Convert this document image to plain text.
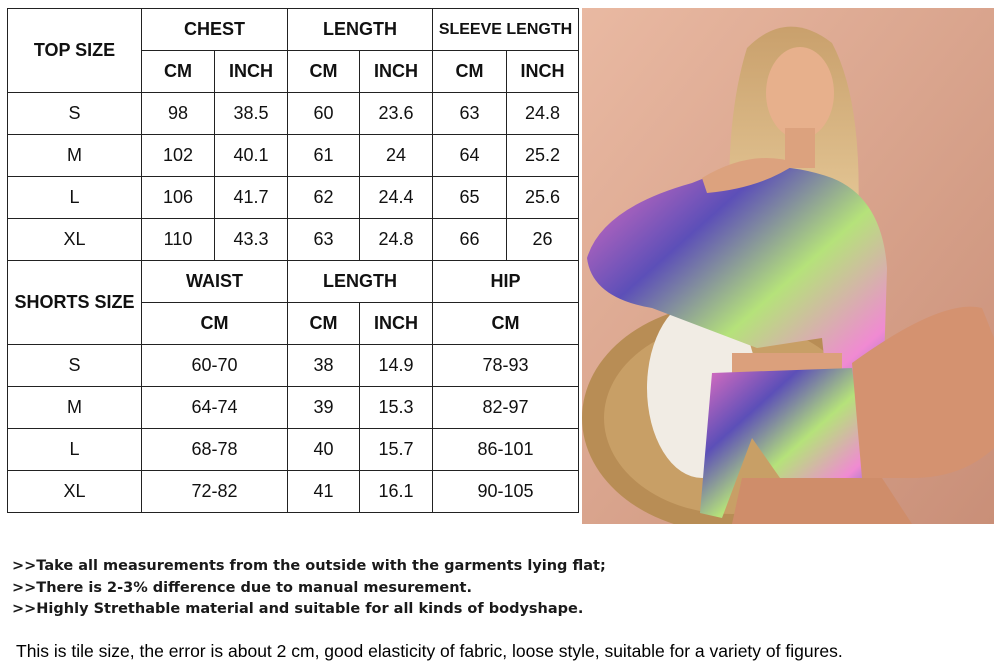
TOP SIZE	CHEST		LENGTH		SLEEVE LENGTH	
	CM	INCH	CM	INCH	CM	INCH
S	98	38.5	60	23.6	63	24.8
M	102	40.1	61	24	64	25.2
L	106	41.7	62	24.4	65	25.6
XL	110	43.3	63	24.8	66	26
SHORTS SIZE	WAIST		LENGTH		HIP	
	CM		CM	INCH	CM	
S	60-70		38	14.9	78-93	
M	64-74		39	15.3	82-97	
L	68-78		40	15.7	86-101	
XL	72-82		41	16.1	90-105	
>>Take all measurements from the outside with the garments lying flat;
>>There is 2-3% difference due to manual mesurement.
>>Highly Strethable material and suitable for all kinds of bodyshape.
This is tile size, the error is about 2 cm, good elasticity of fabric, loose style, suitable for a variety of figures.
